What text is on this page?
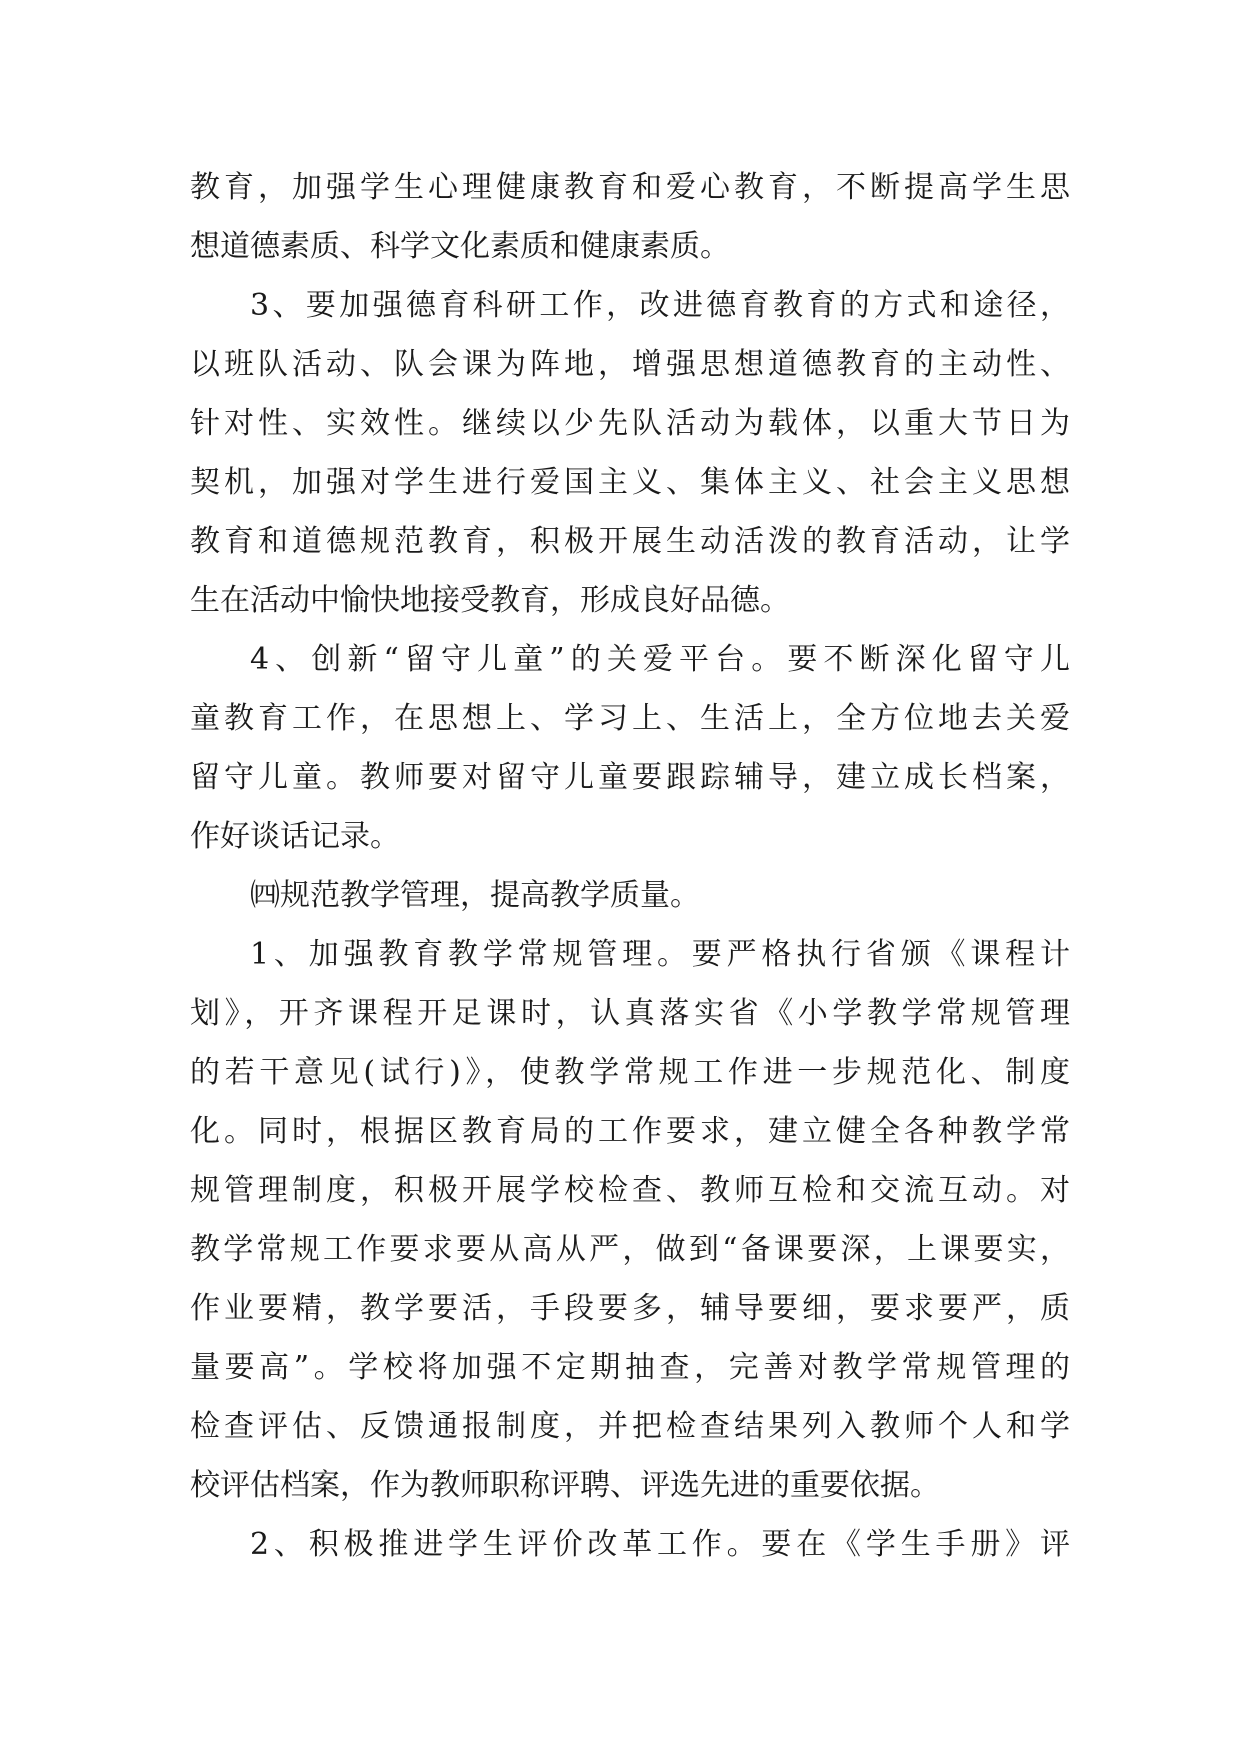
教育，加强学生心理健康教育和爱心教育，不断提高学生思
想道德素质、科学文化素质和健康素质。
3、要加强德育科研工作，改进德育教育的方式和途径，
以班队活动、队会课为阵地，增强思想道德教育的主动性、
针对性、实效性。继续以少先队活动为载体，以重大节日为
契机，加强对学生进行爱国主义、集体主义、社会主义思想
教育和道德规范教育，积极开展生动活泼的教育活动，让学
生在活动中愉快地接受教育，形成良好品德。
4、创新“留守儿童”的关爱平台。要不断深化留守儿
童教育工作，在思想上、学习上、生活上，全方位地去关爱
留守儿童。教师要对留守儿童要跟踪辅导，建立成长档案，
作好谈话记录。
㈣规范教学管理，提高教学质量。
1、加强教育教学常规管理。要严格执行省颁《课程计
划》，开齐课程开足课时，认真落实省《小学教学常规管理
的若干意见(试行)》，使教学常规工作进一步规范化、制度
化。同时，根据区教育局的工作要求，建立健全各种教学常
规管理制度，积极开展学校检查、教师互检和交流互动。对
教学常规工作要求要从高从严，做到“备课要深，上课要实，
作业要精，教学要活，手段要多，辅导要细，要求要严，质
量要高”。学校将加强不定期抽查，完善对教学常规管理的
检查评估、反馈通报制度，并把检查结果列入教师个人和学
校评估档案，作为教师职称评聘、评选先进的重要依据。
2、积极推进学生评价改革工作。要在《学生手册》评
